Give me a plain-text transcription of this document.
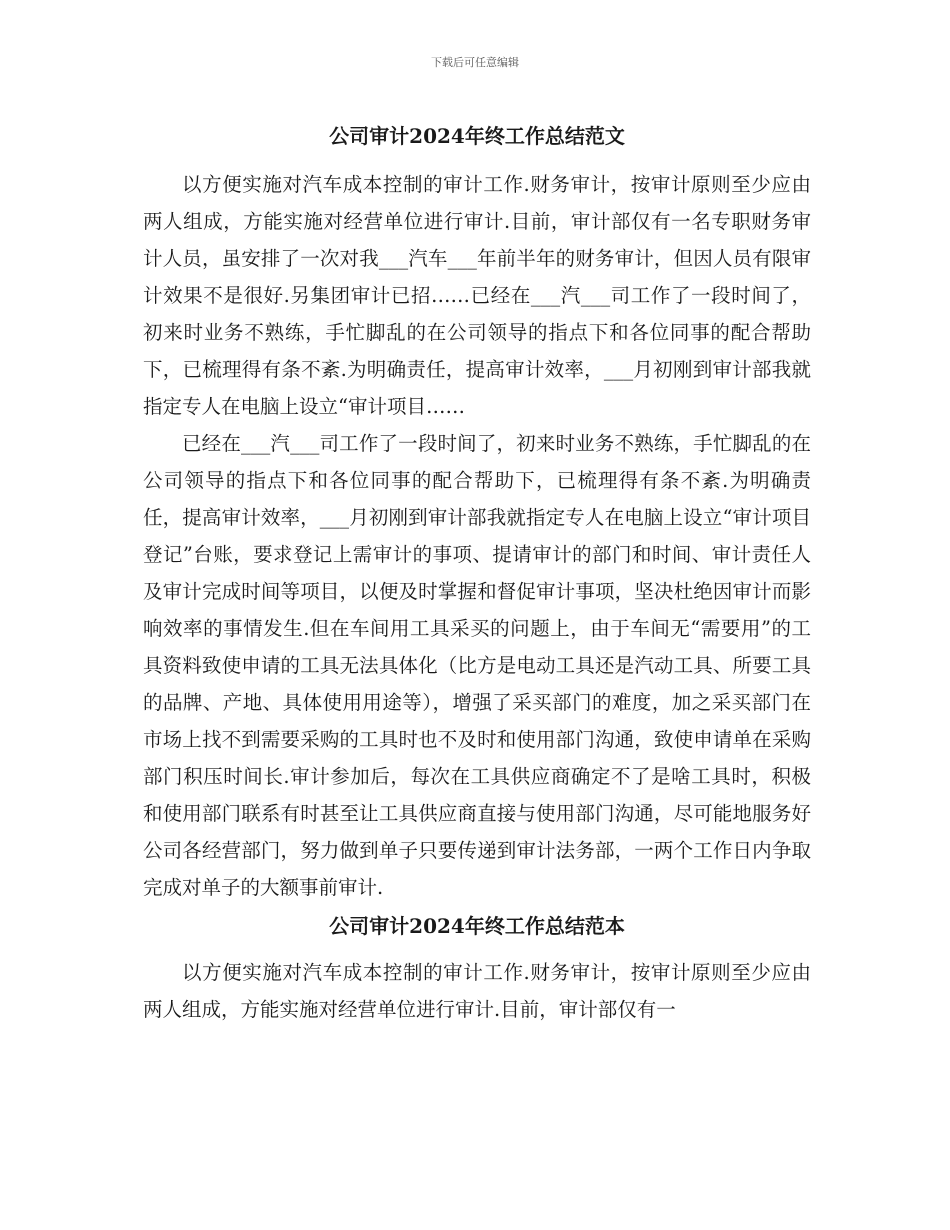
下载后可任意编辑
公司审计2024年终工作总结范文

以方便实施对汽车成本控制的审计工作.财务审计，按审计原则至少应由两人组成，方能实施对经营单位进行审计.目前，审计部仅有一名专职财务审计人员，虽安排了一次对我___汽车___年前半年的财务审计，但因人员有限审计效果不是很好.另集团审计已招……已经在___汽___司工作了一段时间了，初来时业务不熟练，手忙脚乱的在公司领导的指点下和各位同事的配合帮助下，已梳理得有条不紊.为明确责任，提高审计效率，___月初刚到审计部我就指定专人在电脑上设立“审计项目……

已经在___汽___司工作了一段时间了，初来时业务不熟练，手忙脚乱的在公司领导的指点下和各位同事的配合帮助下，已梳理得有条不紊.为明确责任，提高审计效率，___月初刚到审计部我就指定专人在电脑上设立“审计项目登记”台账，要求登记上需审计的事项、提请审计的部门和时间、审计责任人及审计完成时间等项目，以便及时掌握和督促审计事项，坚决杜绝因审计而影响效率的事情发生.但在车间用工具采买的问题上，由于车间无“需要用”的工具资料致使申请的工具无法具体化（比方是电动工具还是汽动工具、所要工具的品牌、产地、具体使用用途等），增强了采买部门的难度，加之采买部门在市场上找不到需要采购的工具时也不及时和使用部门沟通，致使申请单在采购部门积压时间长.审计参加后，每次在工具供应商确定不了是啥工具时，积极和使用部门联系有时甚至让工具供应商直接与使用部门沟通，尽可能地服务好公司各经营部门，努力做到单子只要传递到审计法务部，一两个工作日内争取完成对单子的大额事前审计.

公司审计2024年终工作总结范本

以方便实施对汽车成本控制的审计工作.财务审计，按审计原则至少应由两人组成，方能实施对经营单位进行审计.目前，审计部仅有一
